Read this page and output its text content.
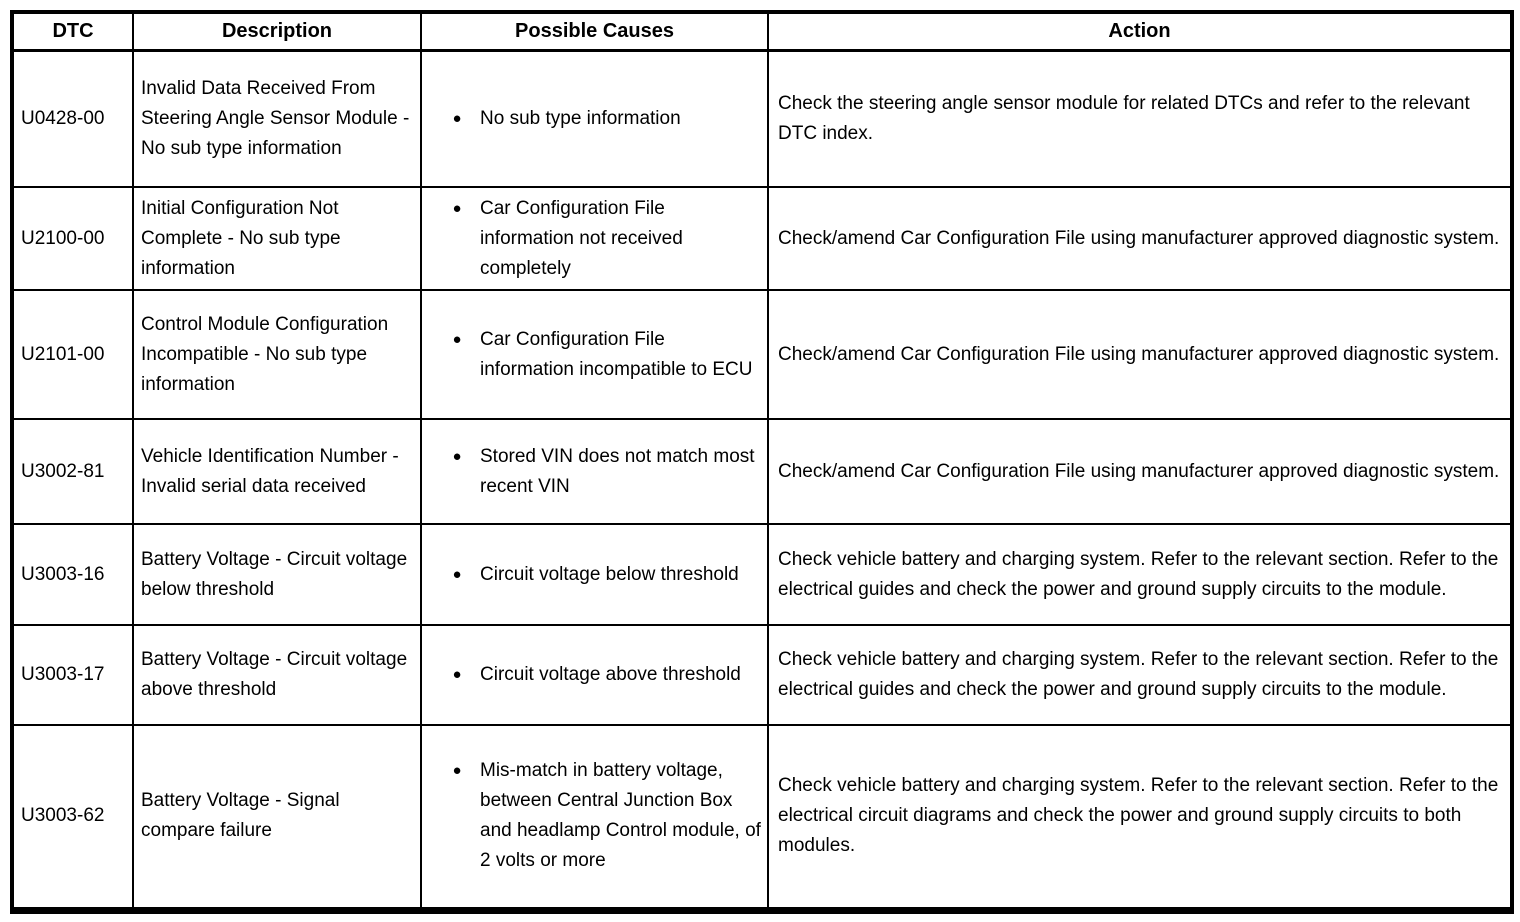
DTC	Description	Possible Causes	Action
U0428-00	Invalid Data Received From Steering Angle Sensor Module - No sub type information	● No sub type information	Check the steering angle sensor module for related DTCs and refer to the relevant DTC index.
U2100-00	Initial Configuration Not Complete - No sub type information	● Car Configuration File information not received completely	Check/amend Car Configuration File using manufacturer approved diagnostic system.
U2101-00	Control Module Configuration Incompatible - No sub type information	● Car Configuration File information incompatible to ECU	Check/amend Car Configuration File using manufacturer approved diagnostic system.
U3002-81	Vehicle Identification Number - Invalid serial data received	● Stored VIN does not match most recent VIN	Check/amend Car Configuration File using manufacturer approved diagnostic system.
U3003-16	Battery Voltage - Circuit voltage below threshold	● Circuit voltage below threshold	Check vehicle battery and charging system. Refer to the relevant section. Refer to the electrical guides and check the power and ground supply circuits to the module.
U3003-17	Battery Voltage - Circuit voltage above threshold	● Circuit voltage above threshold	Check vehicle battery and charging system. Refer to the relevant section. Refer to the electrical guides and check the power and ground supply circuits to the module.
U3003-62	Battery Voltage - Signal compare failure	● Mis-match in battery voltage, between Central Junction Box and headlamp Control module, of 2 volts or more	Check vehicle battery and charging system. Refer to the relevant section. Refer to the electrical circuit diagrams and check the power and ground supply circuits to both modules.
